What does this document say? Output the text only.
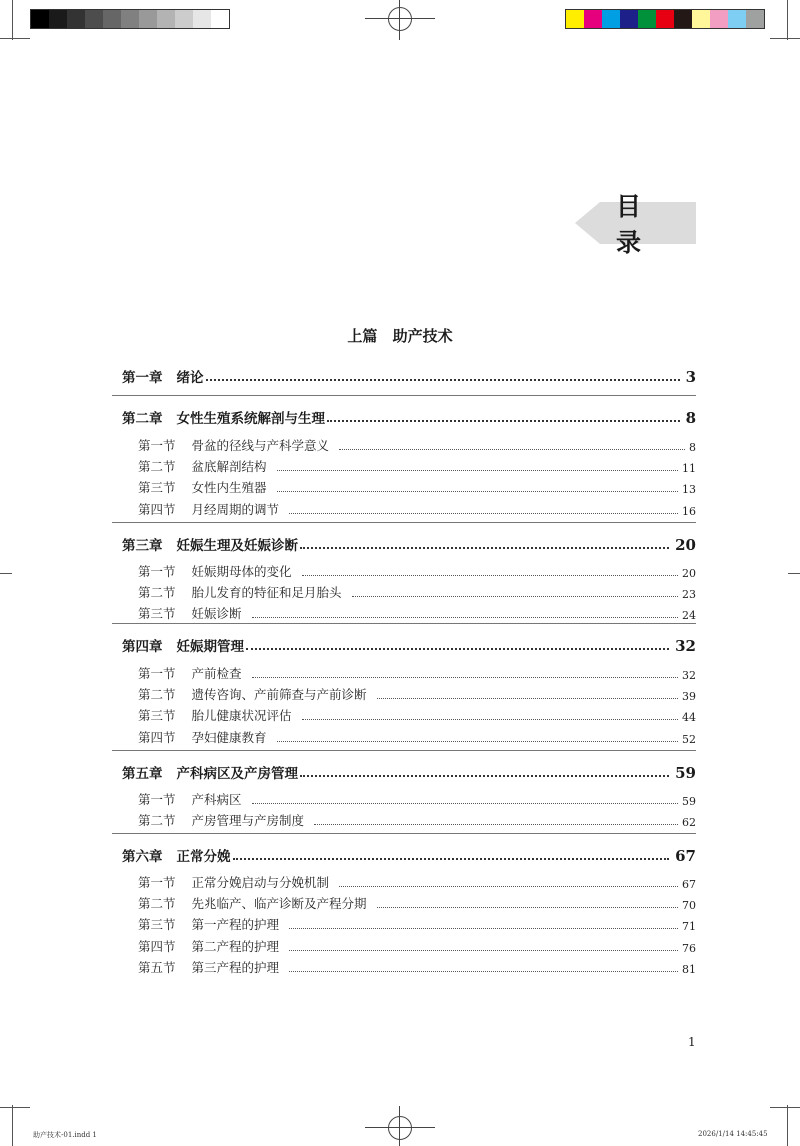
目录
上篇 助产技术
第一章 绪论	3
第二章 女性生殖系统解剖与生理	8
第一节 骨盆的径线与产科学意义	8
第二节 盆底解剖结构	11
第三节 女性内生殖器	13
第四节 月经周期的调节	16
第三章 妊娠生理及妊娠诊断	20
第一节 妊娠期母体的变化	20
第二节 胎儿发育的特征和足月胎头	23
第三节 妊娠诊断	24
第四章 妊娠期管理	32
第一节 产前检查	32
第二节 遗传咨询、产前筛查与产前诊断	39
第三节 胎儿健康状况评估	44
第四节 孕妇健康教育	52
第五章 产科病区及产房管理	59
第一节 产科病区	59
第二节 产房管理与产房制度	62
第六章 正常分娩	67
第一节 正常分娩启动与分娩机制	67
第二节 先兆临产、临产诊断及产程分期	70
第三节 第一产程的护理	71
第四节 第二产程的护理	76
第五节 第三产程的护理	81
1
助产技术-01.indd 1	2026/1/14 14:45:45
